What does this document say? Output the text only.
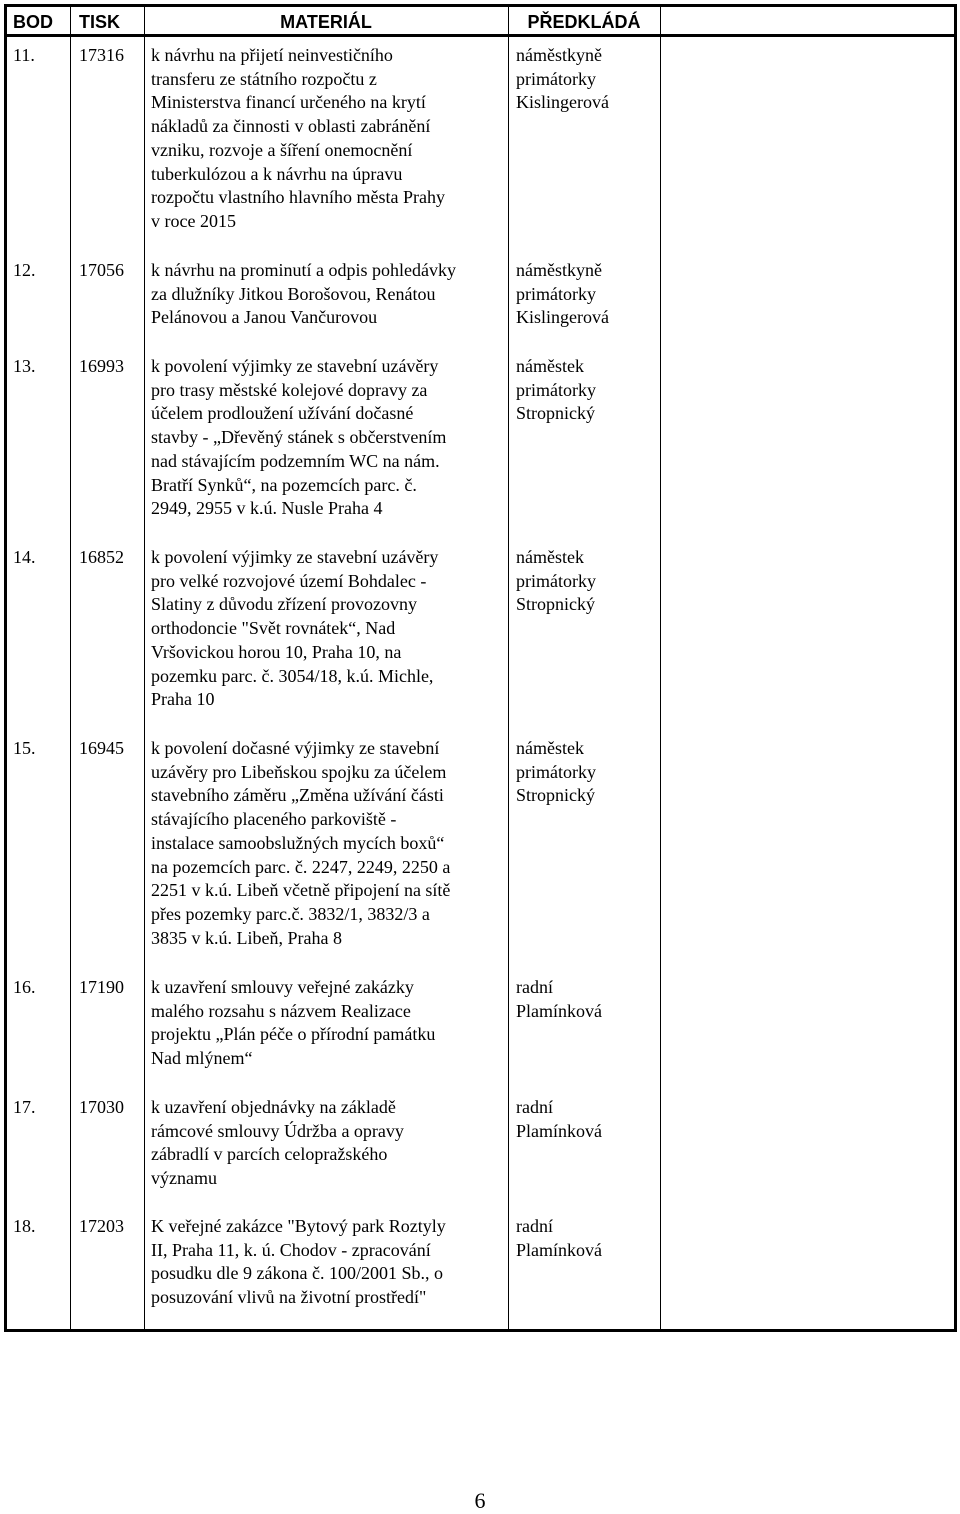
BOD TISK	MATERIÁL	PŘEDKLÁDÁ
11. 17316 k návrhu na přijetí neinvestičního
transferu ze státního rozpočtu z
Ministerstva financí určeného na krytí
nákladů za činnosti v oblasti zabránění
vzniku, rozvoje a šíření onemocnění
tuberkulózou a k návrhu na úpravu
rozpočtu vlastního hlavního města Prahy
v roce 2015
náměstkyně
primátorky
Kislingerová
12. 17056 k návrhu na prominutí a odpis pohledávky
za dlužníky Jitkou Borošovou, Renátou
Pelánovou a Janou Vančurovou
náměstkyně
primátorky
Kislingerová
13. 16993 k povolení výjimky ze stavební uzávěry
pro trasy městské kolejové dopravy za
účelem prodloužení užívání dočasné
stavby - „Dřevěný stánek s občerstvením
nad stávajícím podzemním WC na nám.
Bratří Synků“, na pozemcích parc. č.
2949, 2955 v k.ú. Nusle Praha 4
náměstek
primátorky
Stropnický
14. 16852 k povolení výjimky ze stavební uzávěry
pro velké rozvojové území Bohdalec -
Slatiny z důvodu zřízení provozovny
orthodoncie "Svět rovnátek“, Nad
Vršovickou horou 10, Praha 10, na
pozemku parc. č. 3054/18, k.ú. Michle,
Praha 10
náměstek
primátorky
Stropnický
15. 16945 k povolení dočasné výjimky ze stavební
uzávěry pro Libeňskou spojku za účelem
stavebního záměru „Změna užívání části
stávajícího placeného parkoviště -
instalace samoobslužných mycích boxů“
na pozemcích parc. č. 2247, 2249, 2250 a
2251 v k.ú. Libeň včetně připojení na sítě
přes pozemky parc.č. 3832/1, 3832/3 a
3835 v k.ú. Libeň, Praha 8
náměstek
primátorky
Stropnický
16. 17190 k uzavření smlouvy veřejné zakázky
malého rozsahu s názvem Realizace
projektu „Plán péče o přírodní památku
Nad mlýnem“
radní
Plamínková
17. 17030 k uzavření objednávky na základě
rámcové smlouvy Údržba a opravy
zábradlí v parcích celopražského
významu
radní
Plamínková
18. 17203 K veřejné zakázce "Bytový park Roztyly
II, Praha 11, k. ú. Chodov - zpracování
posudku dle 9 zákona č. 100/2001 Sb., o
posuzování vlivů na životní prostředí"
radní
Plamínková
6
